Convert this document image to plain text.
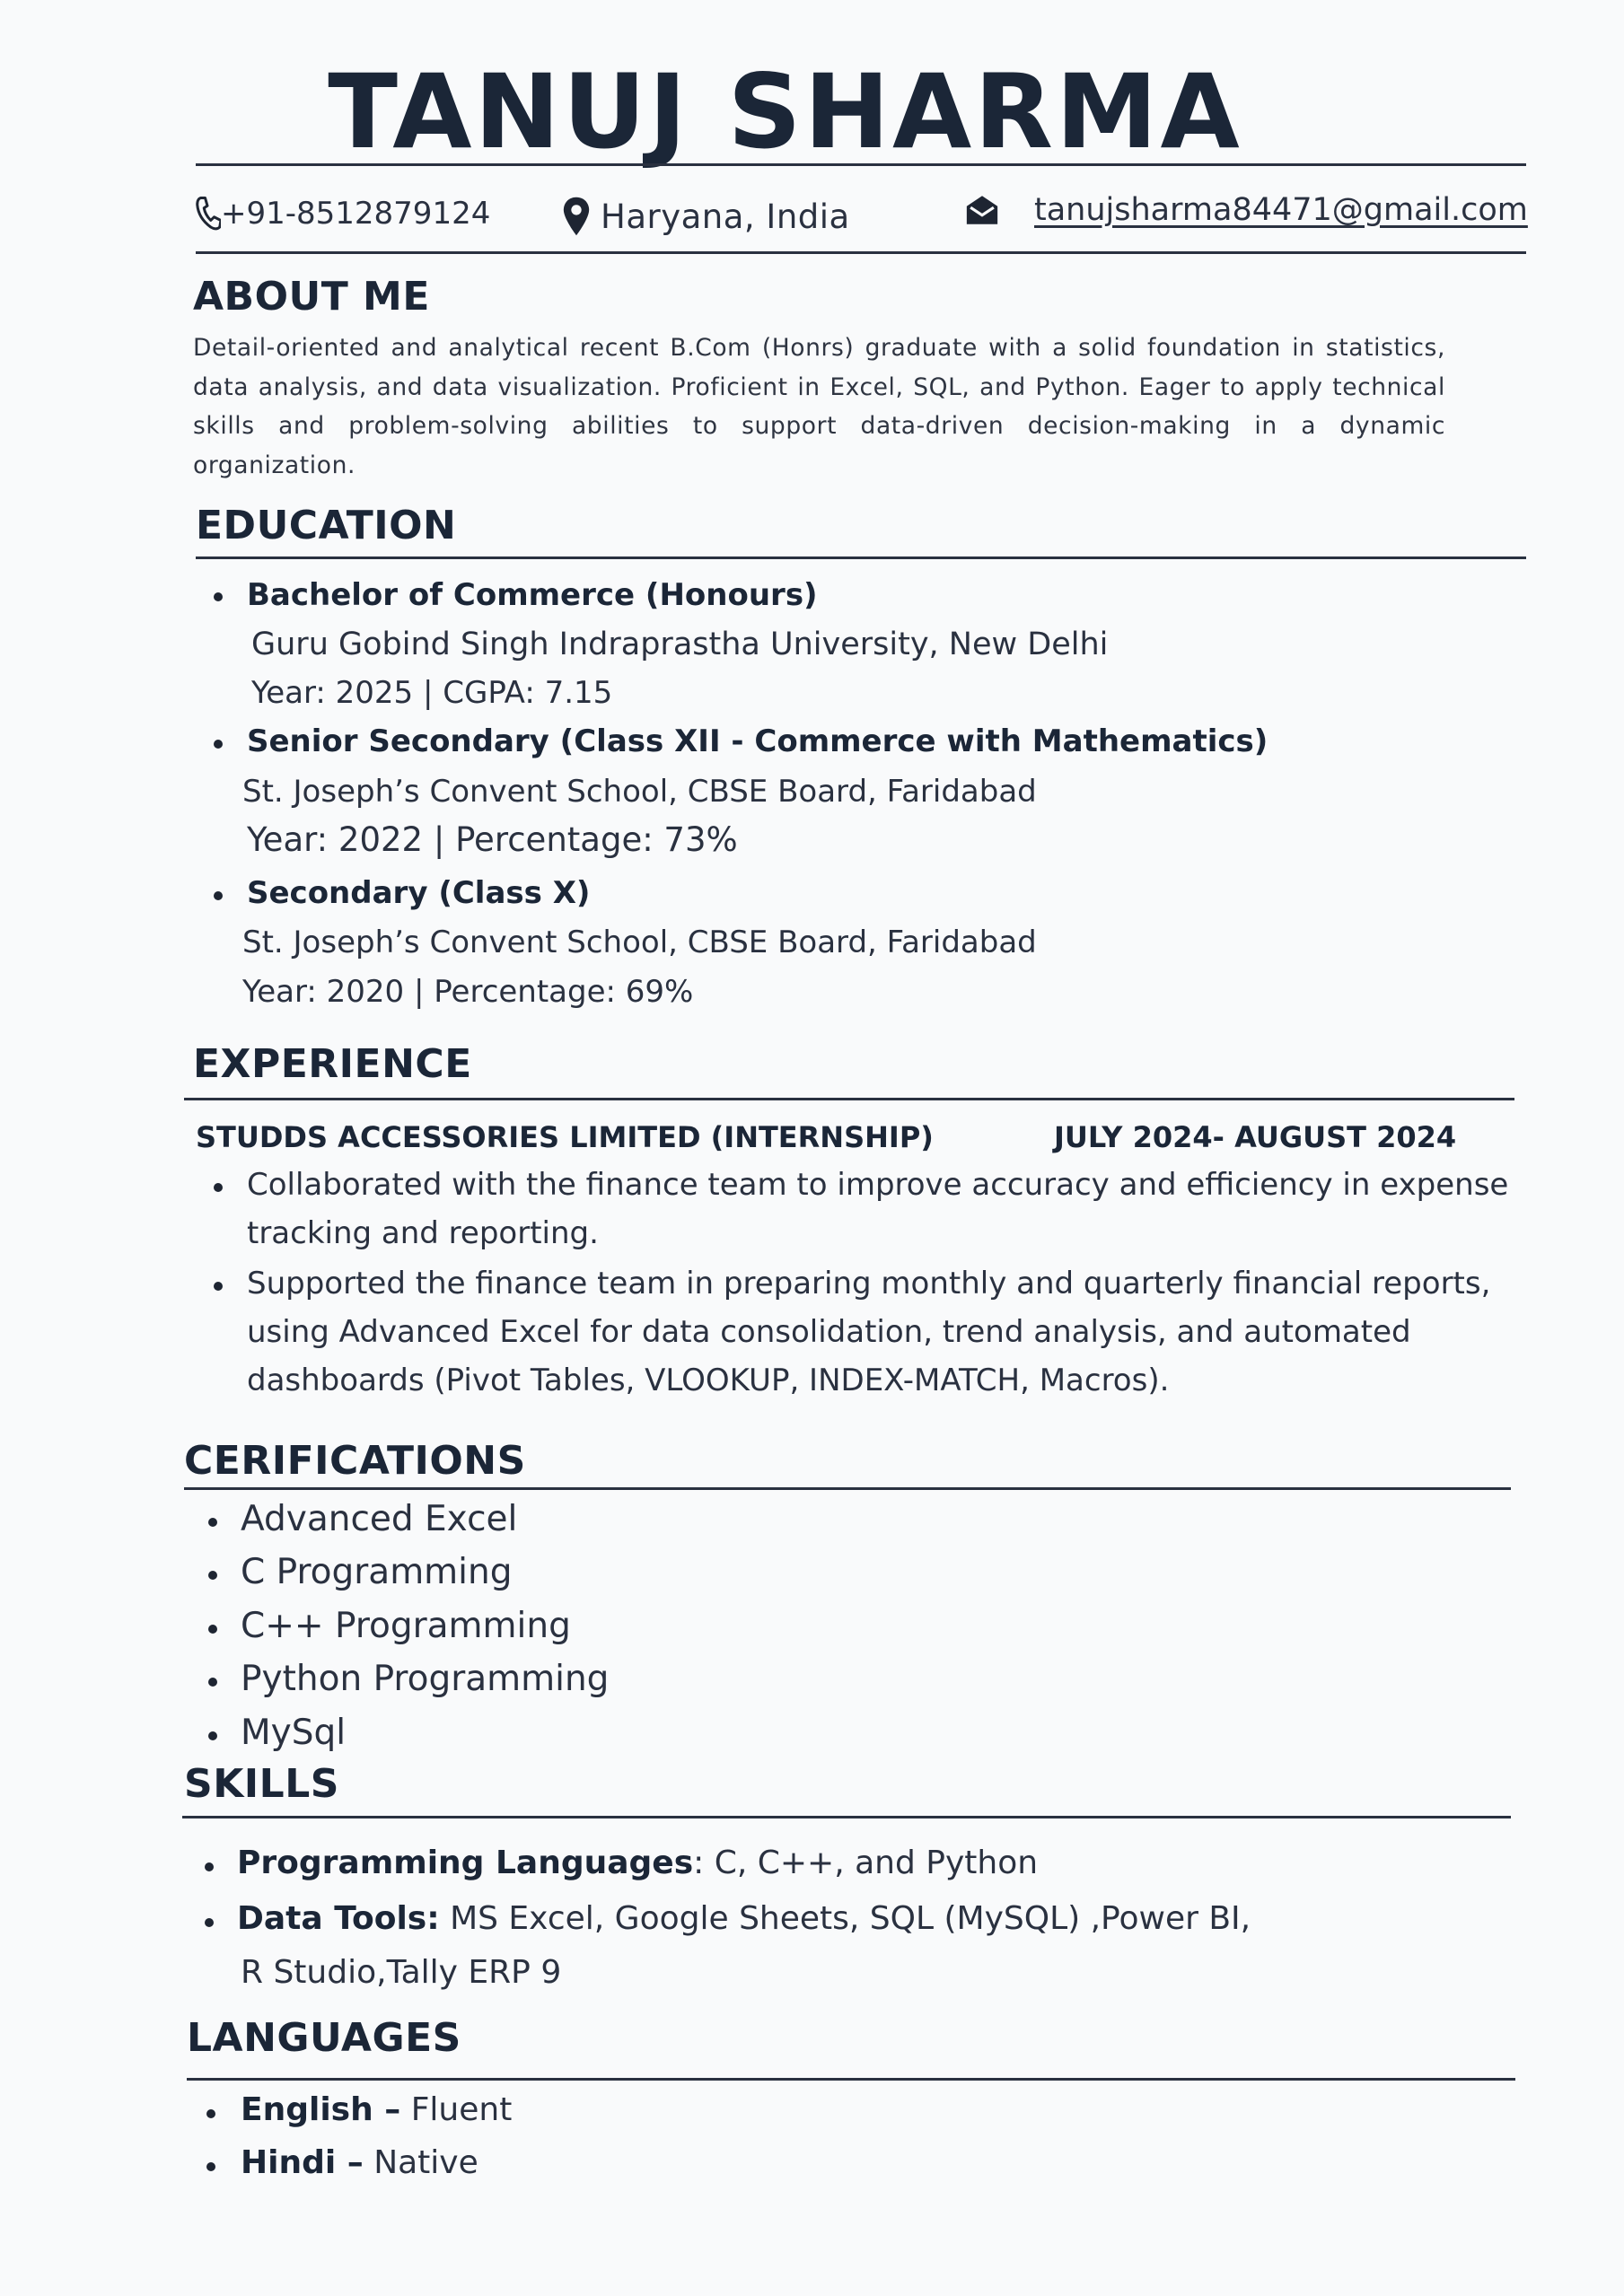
TANUJ SHARMA
+91-8512879124	Haryana, India	tanujsharma84471@gmail.com
ABOUT ME
Detail-oriented and analytical recent B.Com (Honrs) graduate with a solid foundation in statistics, data analysis, and data visualization. Proficient in Excel, SQL, and Python. Eager to apply technical skills and problem-solving abilities to support data-driven decision-making in a dynamic organization.
EDUCATION
Bachelor of Commerce (Honours)
Guru Gobind Singh Indraprastha University, New Delhi
Year: 2025 | CGPA: 7.15
Senior Secondary (Class XII - Commerce with Mathematics)
St. Joseph’s Convent School, CBSE Board, Faridabad
Year: 2022 | Percentage: 73%
Secondary (Class X)
St. Joseph’s Convent School, CBSE Board, Faridabad
Year: 2020 | Percentage: 69%
EXPERIENCE
STUDDS ACCESSORIES LIMITED (INTERNSHIP)	JULY 2024- AUGUST 2024
Collaborated with the finance team to improve accuracy and efficiency in expense
tracking and reporting.
Supported the finance team in preparing monthly and quarterly financial reports,
using Advanced Excel for data consolidation, trend analysis, and automated
dashboards (Pivot Tables, VLOOKUP, INDEX-MATCH, Macros).
CERIFICATIONS
Advanced Excel
C Programming
C++ Programming
Python Programming
MySql
SKILLS
Programming Languages: C, C++, and Python
Data Tools: MS Excel, Google Sheets, SQL (MySQL) ,Power BI,
R Studio,Tally ERP 9
LANGUAGES
English – Fluent
Hindi – Native
